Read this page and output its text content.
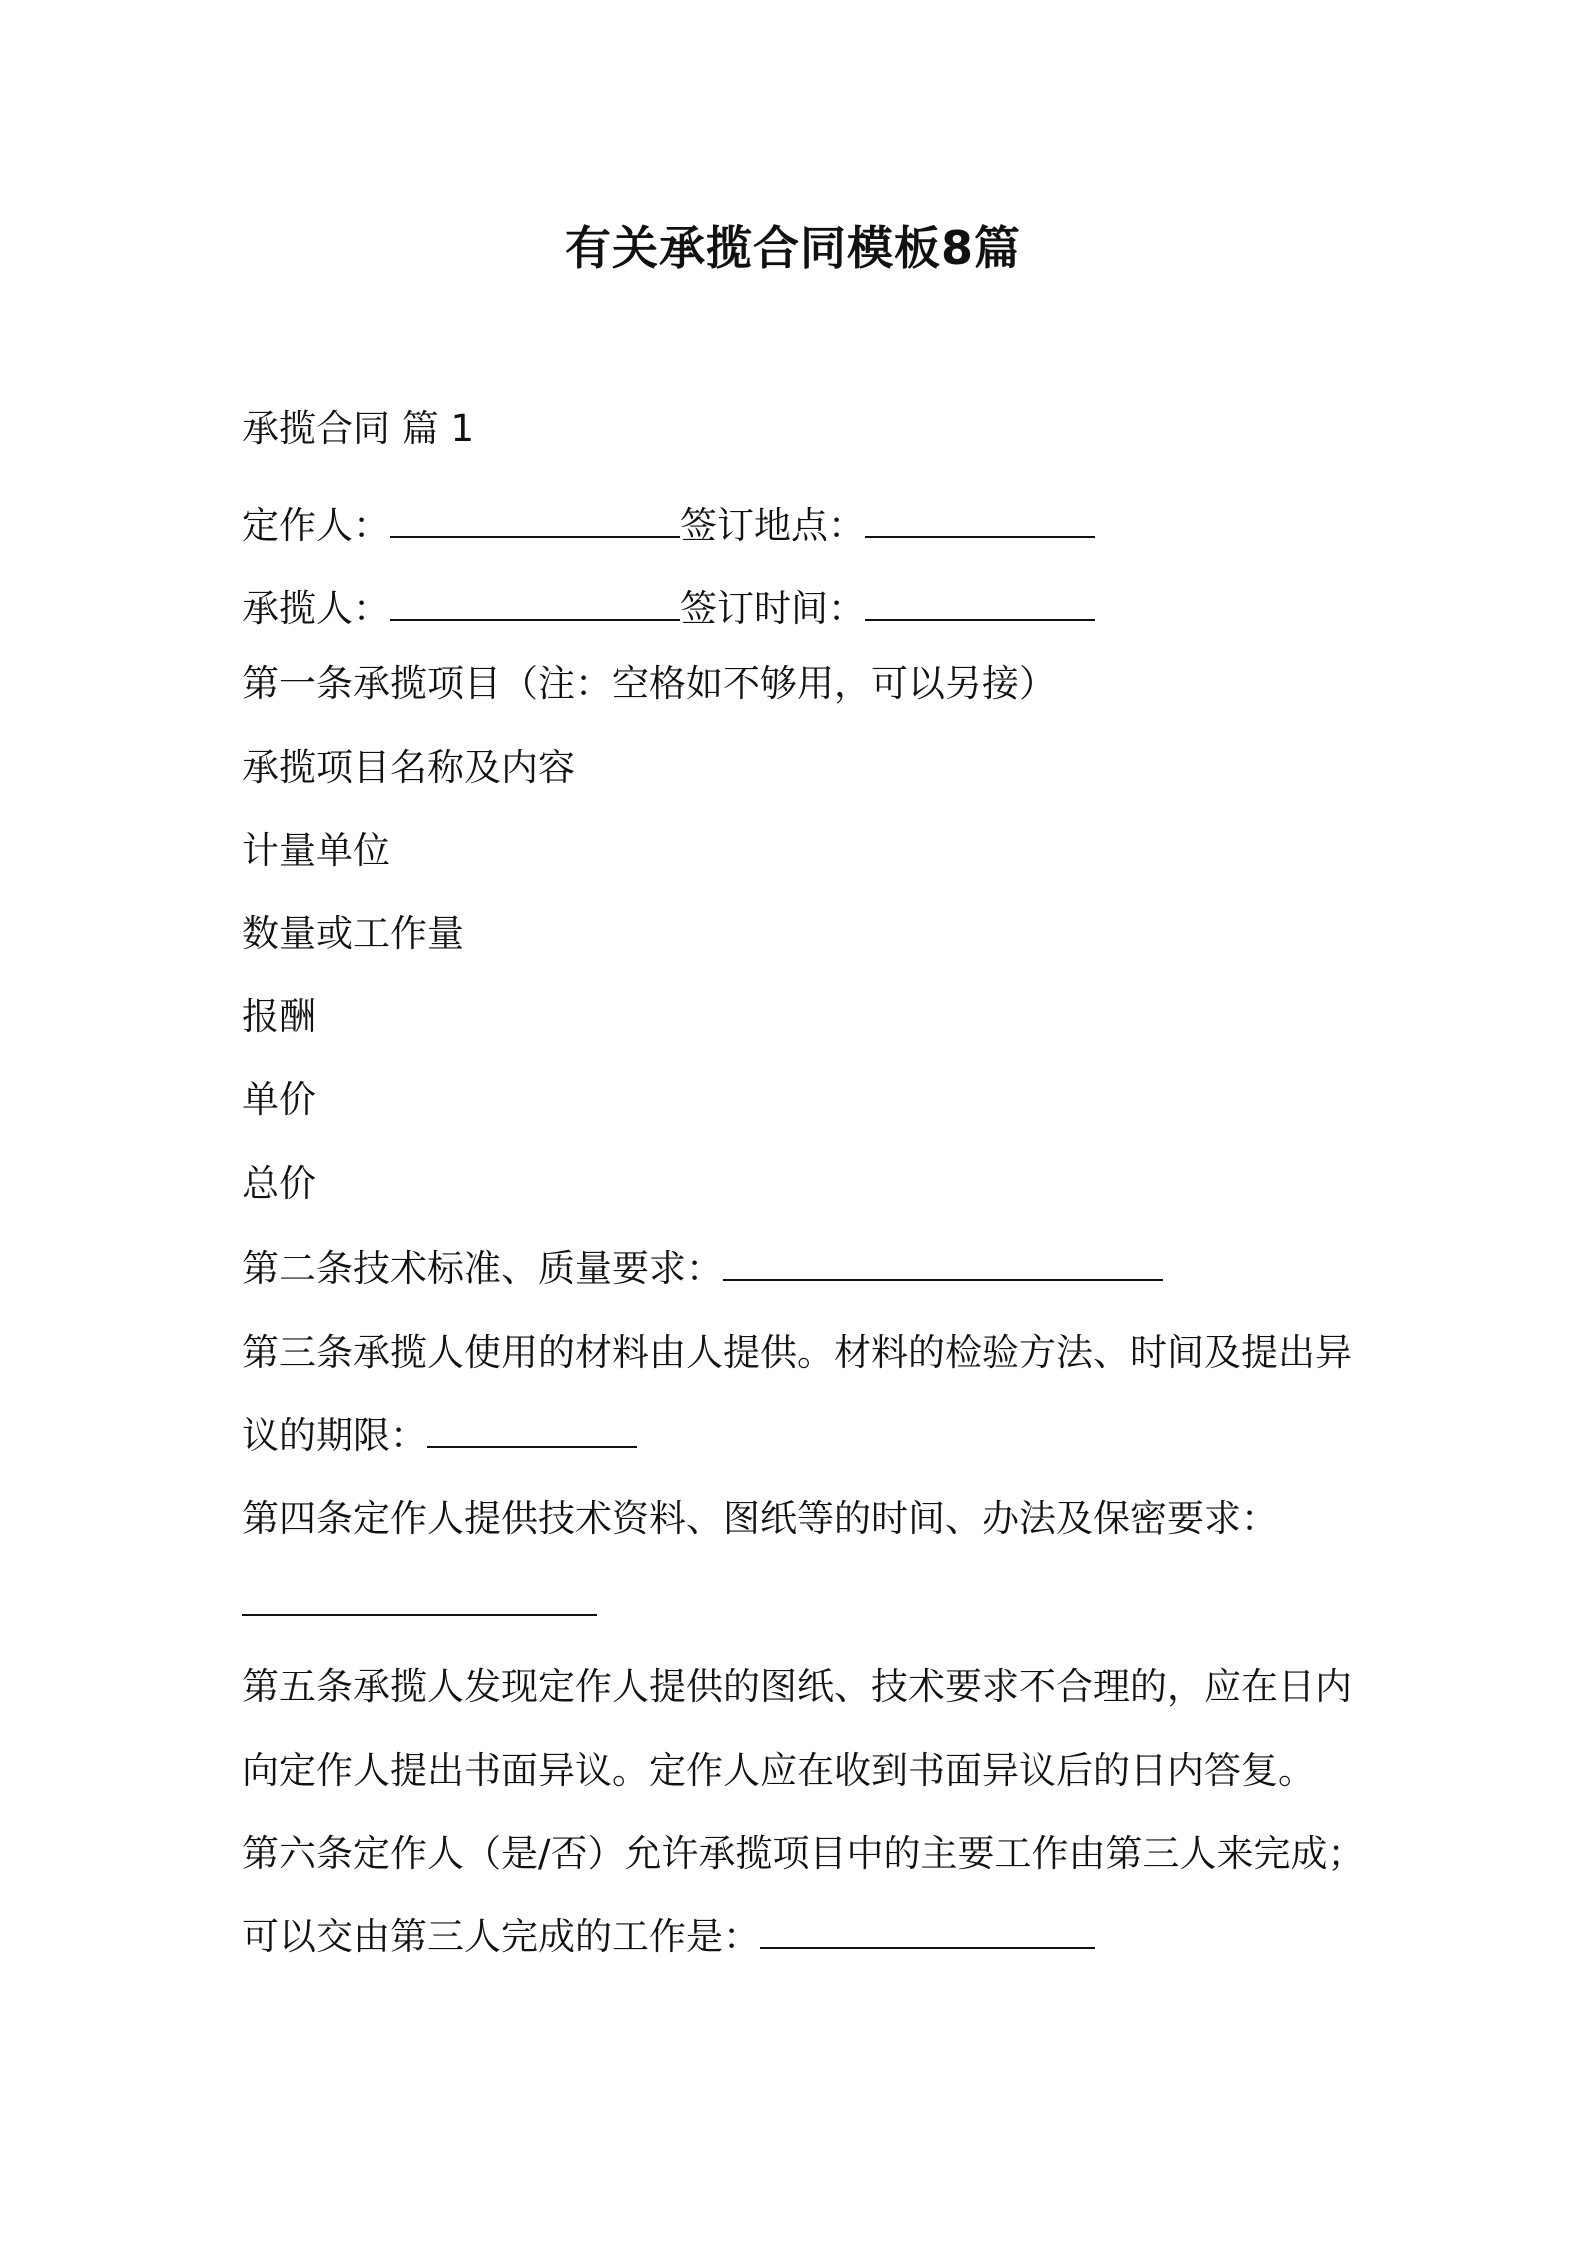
有关承揽合同模板8篇

承揽合同 篇 1

定作人：	签订地点：

承揽人：	签订时间：

第一条承揽项目（注：空格如不够用，可以另接）

承揽项目名称及内容

计量单位

数量或工作量

报酬

单价

总价

第二条技术标准、质量要求：

第三条承揽人使用的材料由人提供。材料的检验方法、时间及提出异

议的期限：

第四条定作人提供技术资料、图纸等的时间、办法及保密要求：

第五条承揽人发现定作人提供的图纸、技术要求不合理的，应在日内

向定作人提出书面异议。定作人应在收到书面异议后的日内答复。

第六条定作人（是/否）允许承揽项目中的主要工作由第三人来完成；

可以交由第三人完成的工作是：
